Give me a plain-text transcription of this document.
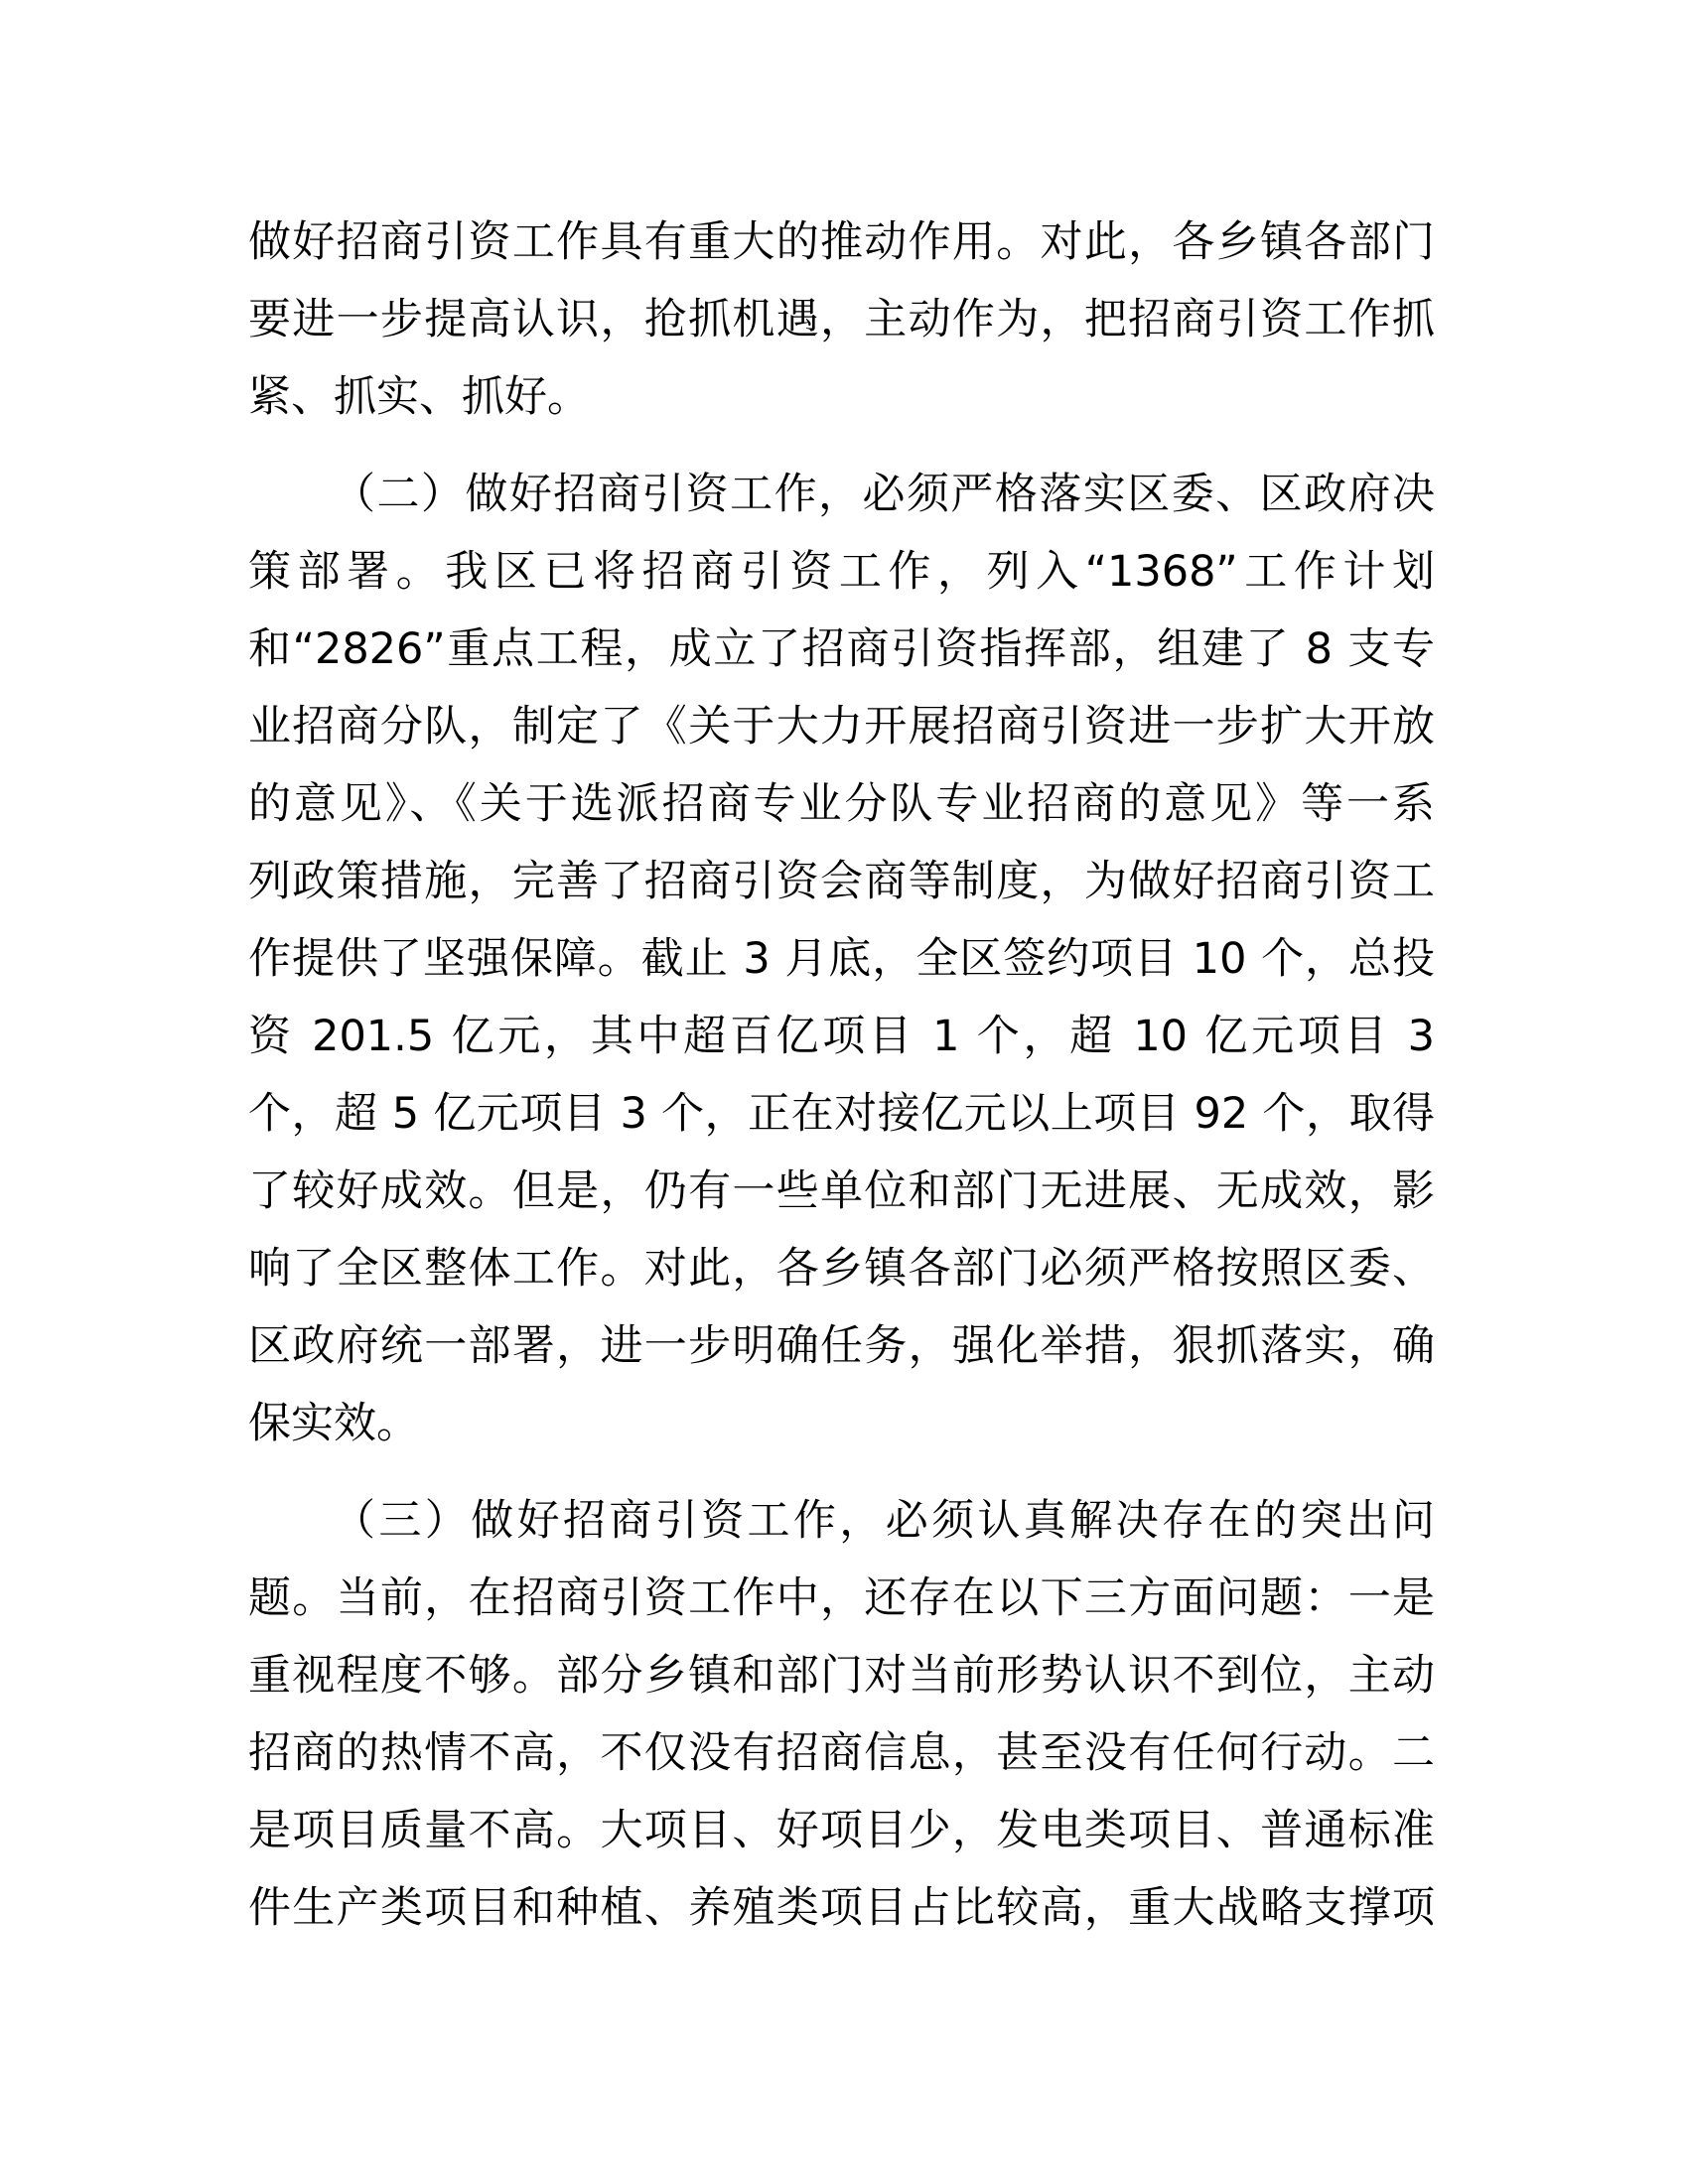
做好招商引资工作具有重大的推动作用。对此，各乡镇各部门
要进一步提高认识，抢抓机遇，主动作为，把招商引资工作抓
紧、抓实、抓好。
（二）做好招商引资工作，必须严格落实区委、区政府决
策部署。我区已将招商引资工作，列入“1368”工作计划
和“2826”重点工程，成立了招商引资指挥部，组建了 8 支专
业招商分队，制定了《关于大力开展招商引资进一步扩大开放
的意见》、《关于选派招商专业分队专业招商的意见》等一系
列政策措施，完善了招商引资会商等制度，为做好招商引资工
作提供了坚强保障。截止 3 月底，全区签约项目 10 个，总投
资 201.5 亿元，其中超百亿项目 1 个，超 10 亿元项目 3
个，超 5 亿元项目 3 个，正在对接亿元以上项目 92 个，取得
了较好成效。但是，仍有一些单位和部门无进展、无成效，影
响了全区整体工作。对此，各乡镇各部门必须严格按照区委、
区政府统一部署，进一步明确任务，强化举措，狠抓落实，确
保实效。
（三）做好招商引资工作，必须认真解决存在的突出问
题。当前，在招商引资工作中，还存在以下三方面问题：一是
重视程度不够。部分乡镇和部门对当前形势认识不到位，主动
招商的热情不高，不仅没有招商信息，甚至没有任何行动。二
是项目质量不高。大项目、好项目少，发电类项目、普通标准
件生产类项目和种植、养殖类项目占比较高，重大战略支撑项
